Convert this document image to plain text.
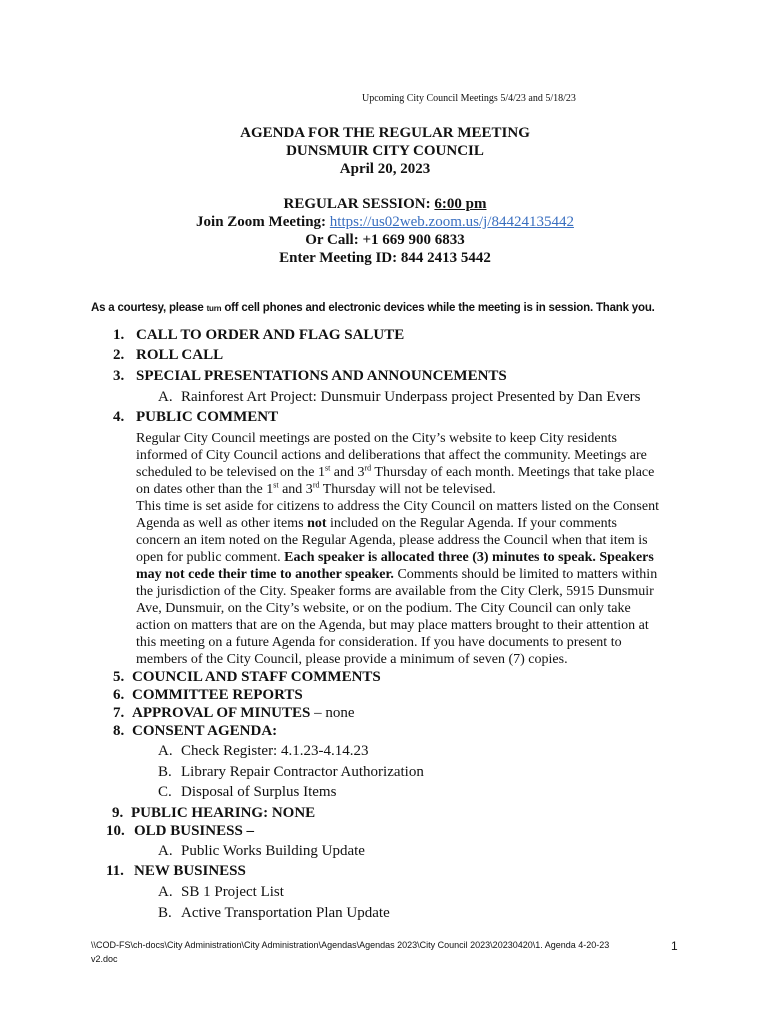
Upcoming City Council Meetings 5/4/23 and 5/18/23
AGENDA FOR THE REGULAR MEETING
DUNSMUIR CITY COUNCIL
April 20, 2023
REGULAR SESSION: 6:00 pm
Join Zoom Meeting: https://us02web.zoom.us/j/84424135442
Or Call: +1 669 900 6833
Enter Meeting ID: 844 2413 5442
As a courtesy, please turn off cell phones and electronic devices while the meeting is in session. Thank you.
1. CALL TO ORDER AND FLAG SALUTE
2. ROLL CALL
3. SPECIAL PRESENTATIONS AND ANNOUNCEMENTS
A. Rainforest Art Project: Dunsmuir Underpass project Presented by Dan Evers
4. PUBLIC COMMENT
Regular City Council meetings are posted on the City’s website to keep City residents
informed of City Council actions and deliberations that affect the community. Meetings are
scheduled to be televised on the 1st and 3rd Thursday of each month. Meetings that take place
on dates other than the 1st and 3rd Thursday will not be televised.
This time is set aside for citizens to address the City Council on matters listed on the Consent
Agenda as well as other items not included on the Regular Agenda. If your comments
concern an item noted on the Regular Agenda, please address the Council when that item is
open for public comment. Each speaker is allocated three (3) minutes to speak. Speakers
may not cede their time to another speaker. Comments should be limited to matters within
the jurisdiction of the City. Speaker forms are available from the City Clerk, 5915 Dunsmuir
Ave, Dunsmuir, on the City’s website, or on the podium. The City Council can only take
action on matters that are on the Agenda, but may place matters brought to their attention at
this meeting on a future Agenda for consideration. If you have documents to present to
members of the City Council, please provide a minimum of seven (7) copies.
5. COUNCIL AND STAFF COMMENTS
6. COMMITTEE REPORTS
7. APPROVAL OF MINUTES – none
8. CONSENT AGENDA:
A. Check Register: 4.1.23-4.14.23
B. Library Repair Contractor Authorization
C. Disposal of Surplus Items
9. PUBLIC HEARING: NONE
10. OLD BUSINESS –
A. Public Works Building Update
11. NEW BUSINESS
A. SB 1 Project List
B. Active Transportation Plan Update
\\COD-FS\ch-docs\City Administration\City Administration\Agendas\Agendas 2023\City Council 2023\20230420\1. Agenda 4-20-23
v2.doc
1
